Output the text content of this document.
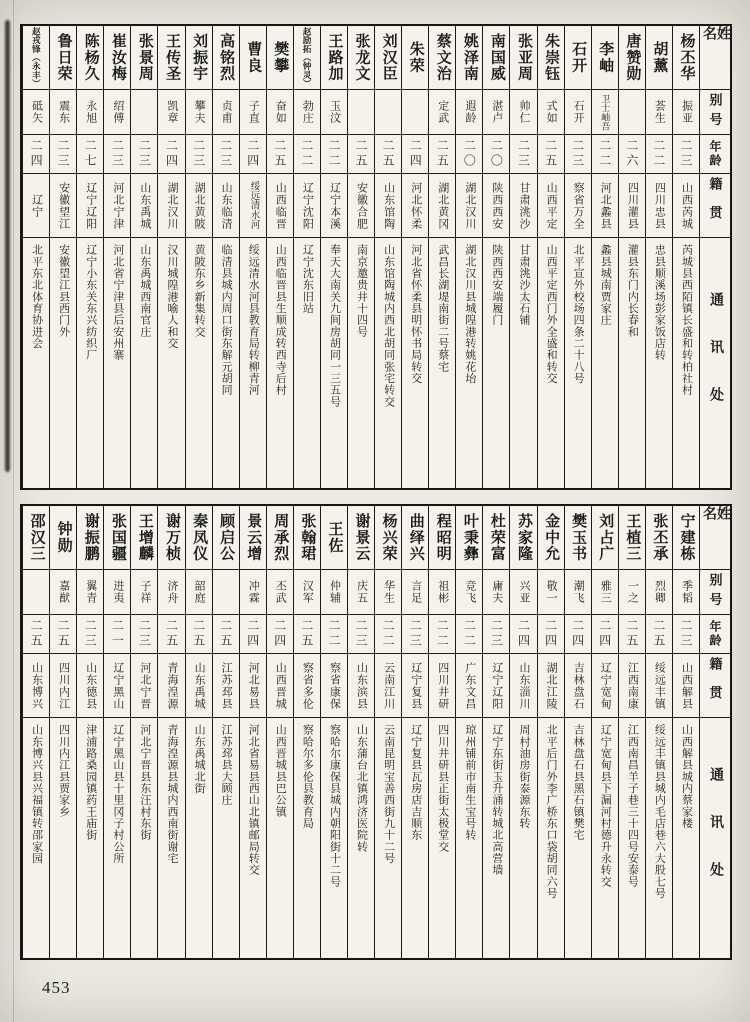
姓名
别号
年龄
籍贯
通讯处
杨丕华
振亚
二三
山西芮城
芮城县西陌镇长盛和转柏社村
胡薰
荟生
二二
四川忠县
忠县顺溪场彭家饭店转
唐赞勋
二六
四川灌县
灌县东门内长春和
李岫
卫士岫吾
二二
河北蠡县
蠡县城南贾家庄
石开
石开
二三
察省万全
北平宣外校场四条二十八号
朱崇钰
式如
二五
山西平定
山西平定西门外全盛和转交
张亚周
帅仁
二三
甘肃洮沙
甘肃洮沙太石铺
南国威
湛卢
二〇
陕西西安
陕西西安端履门
姚泽南
遐龄
二〇
湖北汉川
湖北汉川县城隍港转姚花坮
蔡文治
定武
二五
湖北黄冈
武昌长湖堤南街二号蔡宅
朱荣
二四
河北怀柔
河北省怀柔县明怀书局转交
刘汉臣
二五
山东馆陶
山东馆陶城内西北胡同张宅转交
张龙文
二五
安徽合肥
南京邀贵井十四号
王路加
玉汶
二二
辽宁本溪
奉天大南关九间房胡同一三五号
赵励拓（钟灵）
勃庄
二二
辽宁沈阳
辽宁沈东旧站
樊攀
奋如
二五
山西临晋
山西临晋县生顺成转西寺后村
曹良
子直
二四
绥远清水河
绥远清水河县教育局转柳青河
高铭烈
贞甫
二三
山东临清
临清县城内周口街东解元胡同
刘振宇
攀夫
二三
湖北黄陂
黄陂东乡新集转交
王传圣
凯章
二四
湖北汉川
汉川城隍港喻人和交
张景周
二三
山东禹城
山东禹城西南官庄
崔汝梅
绍傅
二三
河北宁津
河北省宁津县后安州寨
陈杨久
永旭
二七
辽宁辽阳
辽宁小东关东兴纺织厂
鲁日荣
震东
二三
安徽望江
安徽望江县西门外
赵戎锋（永丰）
砥矢
二四
辽宁
北平东北体育协进会
姓名
别号
年龄
籍贯
通讯处
宁建栋
季韬
二三
山西解县
山西解县城内蔡家楼
张丕承
烈卿
二五
绥远丰镇
绥远丰镇县城内毛店巷六大股七号
王植三
一之
二五
江西南康
江西南昌羊子巷三十四号安泰号
刘占广
雅三
二四
辽宁宽甸
辽宁宽甸县下漏河村德升永转交
樊玉书
潮飞
二四
吉林盘石
吉林盘石县黑石镇樊宅
金中允
敬一
二四
湖北江陵
北平后门外李广桥东口袋胡同六号
苏家隆
兴亚
二四
山东淄川
周村油房街泰源东转
杜荣富
庸夫
二三
辽宁辽阳
辽宁东街玉升涌转城北高营墙
叶秉彝
竞飞
二二
广东文昌
琼州铺前市南生宝号转
程昭明
祖彬
二二
四川井研
四川井研县正街太极堂交
曲绎兴
言足
二三
辽宁复县
辽宁复县瓦房店吉顺东
杨兴荣
华生
二二
云南江川
云南昆明宝善西街九十二号
谢景云
庆五
二三
山东滨县
山东蒲台北镇鸿济医院转
王佐
仲辅
二二
察省康保
察哈尔康保县城内朝阳街十二号
张翰珺
汉军
二五
察省多伦
察哈尔多伦县教育局
周承烈
丕武
二四
山西晋城
山西晋城县巴公镇
景云增
冲霖
二四
河北易县
河北省易县西山北镇邮局转交
顾启公
二五
江苏邳县
江苏邳县大顾庄
秦凤仪
韶庭
二五
山东禹城
山东禹城北街
谢万桢
济舟
二五
青海湟源
青海湟源县城内西南街谢宅
王增麟
子祥
二三
河北宁晋
河北宁晋县东汪村东街
张国疆
进夷
二一
辽宁黑山
辽宁黑山县十里冈子村公所
谢振鹏
翼青
二三
山东德县
津浦路桑园镇药王庙街
钟勋
嘉猷
二五
四川内江
四川内江县贾家乡
邵汉三
二五
山东博兴
山东博兴县兴福镇转邵家园
453
